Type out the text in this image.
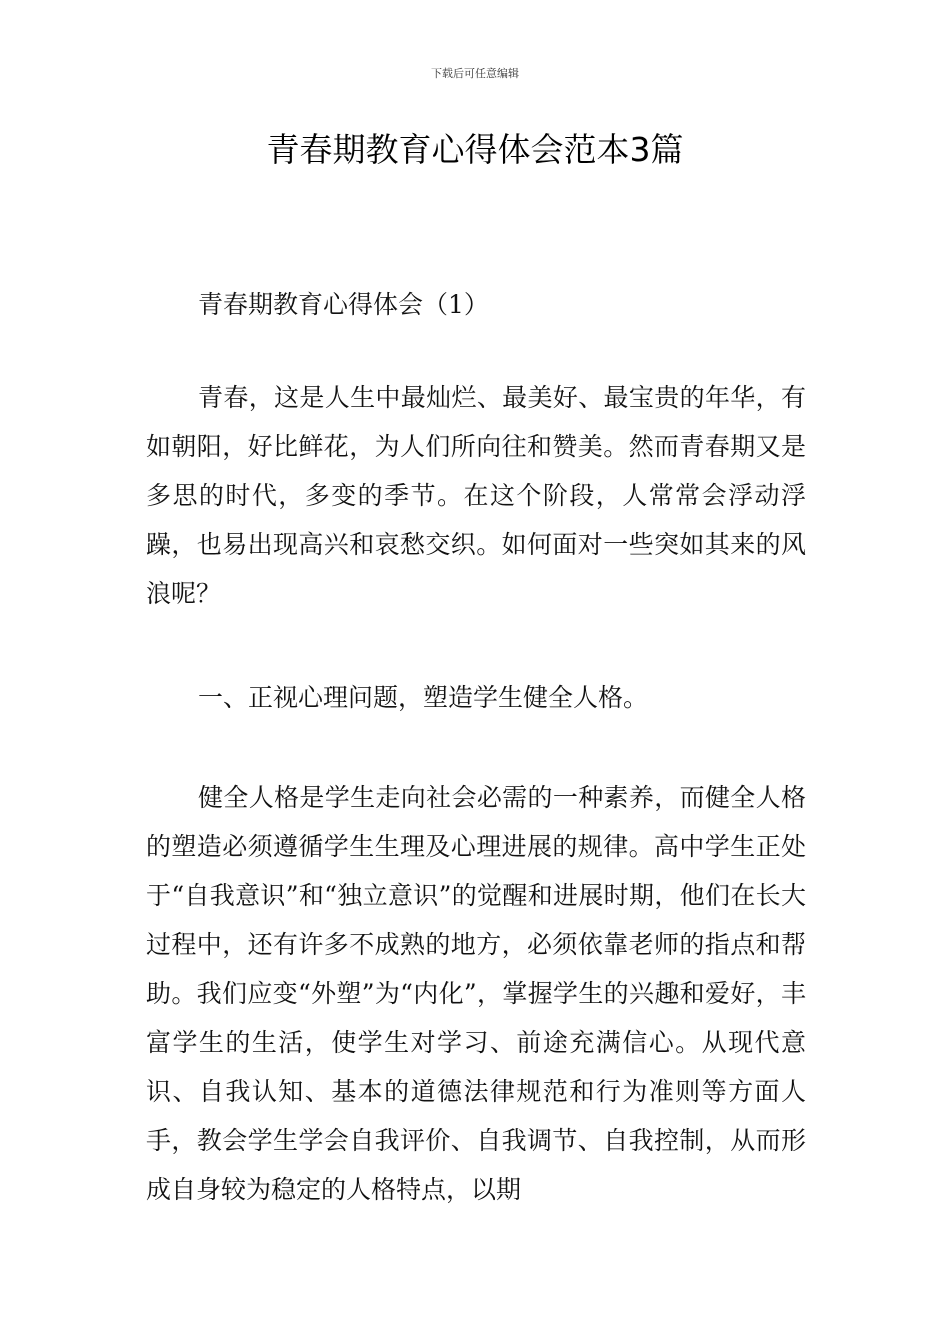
下载后可任意编辑
青春期教育心得体会范本3篇

青春期教育心得体会（1）

青春，这是人生中最灿烂、最美好、最宝贵的年华，有如朝阳，好比鲜花，为人们所向往和赞美。然而青春期又是多思的时代，多变的季节。在这个阶段，人常常会浮动浮躁，也易出现高兴和哀愁交织。如何面对一些突如其来的风浪呢？

一、正视心理问题，塑造学生健全人格。

健全人格是学生走向社会必需的一种素养，而健全人格的塑造必须遵循学生生理及心理进展的规律。高中学生正处于“自我意识”和“独立意识”的觉醒和进展时期，他们在长大过程中，还有许多不成熟的地方，必须依靠老师的指点和帮助。我们应变“外塑”为“内化”，掌握学生的兴趣和爱好，丰富学生的生活，使学生对学习、前途充满信心。从现代意识、自我认知、基本的道德法律规范和行为准则等方面人手，教会学生学会自我评价、自我调节、自我控制，从而形成自身较为稳定的人格特点，以期
